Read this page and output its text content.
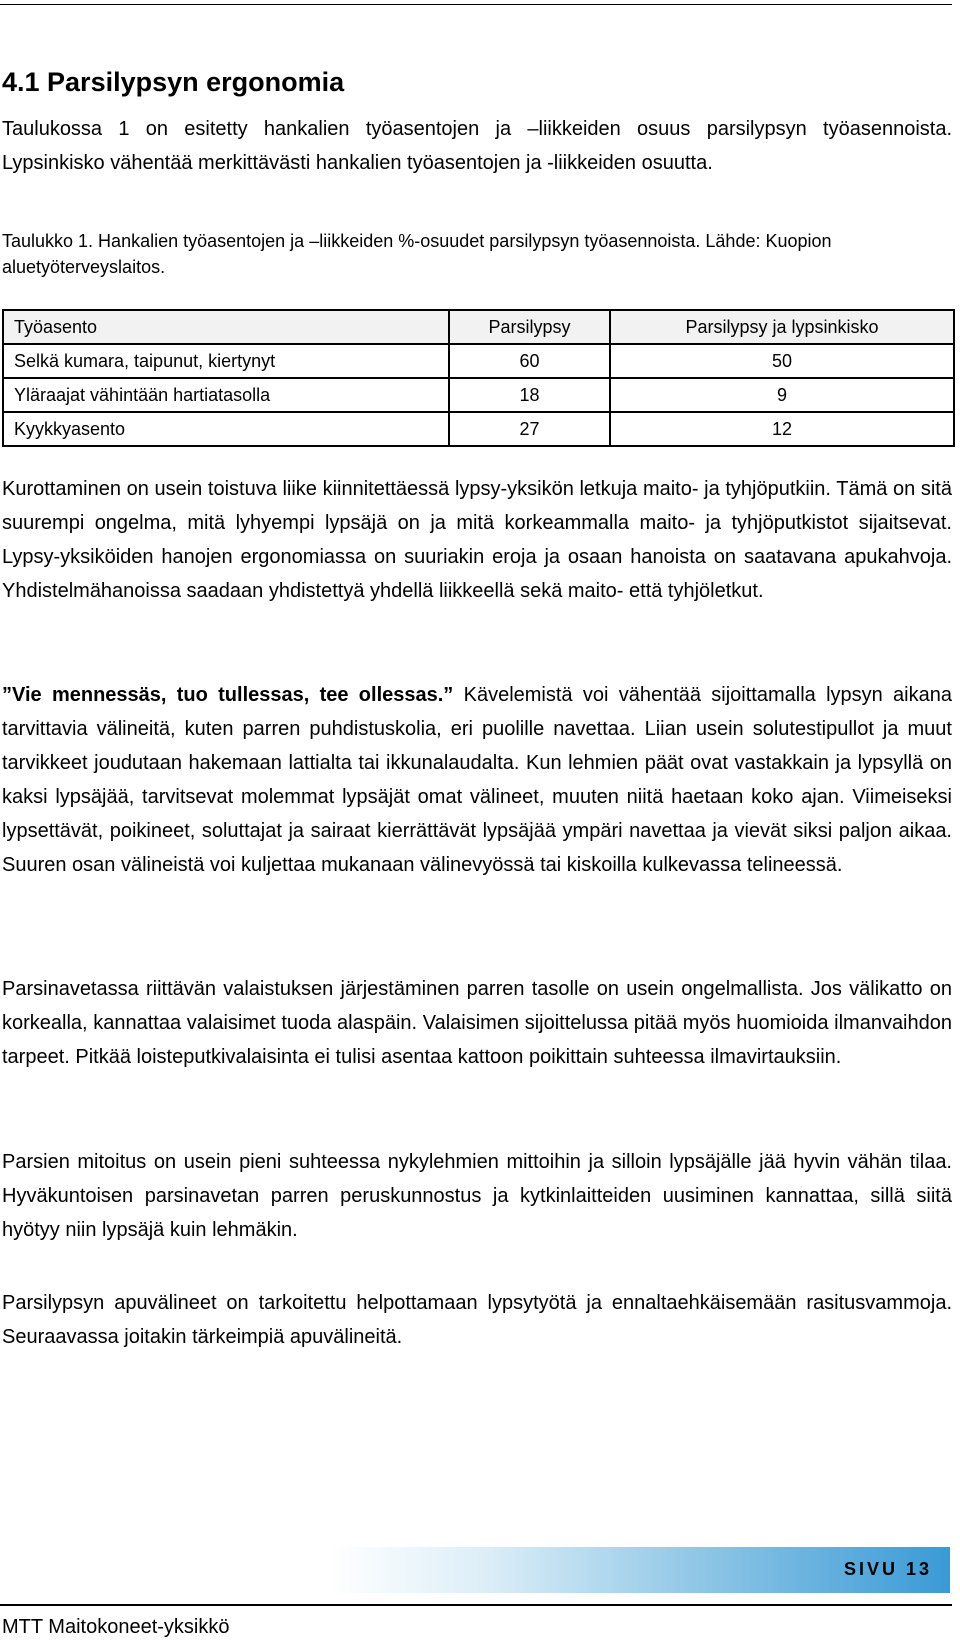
4.1 Parsilypsyn ergonomia

Taulukossa 1 on esitetty hankalien työasentojen ja –liikkeiden osuus parsilypsyn työasennoista. Lypsinkisko vähentää merkittävästi hankalien työasentojen ja -liikkeiden osuutta.

Taulukko 1. Hankalien työasentojen ja –liikkeiden %-osuudet parsilypsyn työasennoista. Lähde: Kuopion aluetyöterveyslaitos.

Työasento	Parsilypsy	Parsilypsy ja lypsinkisko
Selkä kumara, taipunut, kiertynyt	60	50
Yläraajat vähintään hartiatasolla	18	9
Kyykkyasento	27	12

Kurottaminen on usein toistuva liike kiinnitettäessä lypsy-yksikön letkuja maito- ja tyhjöputkiin. Tämä on sitä suurempi ongelma, mitä lyhyempi lypsäjä on ja mitä korkeammalla maito- ja tyhjöputkistot sijaitsevat. Lypsy-yksiköiden hanojen ergonomiassa on suuriakin eroja ja osaan hanoista on saatavana apukahvoja. Yhdistelmähanoissa saadaan yhdistettyä yhdellä liikkeellä sekä maito- että tyhjöletkut.

”Vie mennessäs, tuo tullessas, tee ollessas.” Kävelemistä voi vähentää sijoittamalla lypsyn aikana tarvittavia välineitä, kuten parren puhdistuskolia, eri puolille navettaa. Liian usein solutestipullot ja muut tarvikkeet joudutaan hakemaan lattialta tai ikkunalaudalta. Kun lehmien päät ovat vastakkain ja lypsyllä on kaksi lypsäjää, tarvitsevat molemmat lypsäjät omat välineet, muuten niitä haetaan koko ajan. Viimeiseksi lypsettävät, poikineet, soluttajat ja sairaat kierrättävät lypsäjää ympäri navettaa ja vievät siksi paljon aikaa. Suuren osan välineistä voi kuljettaa mukanaan välinevyössä tai kiskoilla kulkevassa telineessä.

Parsinavetassa riittävän valaistuksen järjestäminen parren tasolle on usein ongelmallista. Jos välikatto on korkealla, kannattaa valaisimet tuoda alaspäin. Valaisimen sijoittelussa pitää myös huomioida ilmanvaihdon tarpeet. Pitkää loisteputkivalaisinta ei tulisi asentaa kattoon poikittain suhteessa ilmavirtauksiin.

Parsien mitoitus on usein pieni suhteessa nykylehmien mittoihin ja silloin lypsäjälle jää hyvin vähän tilaa. Hyväkuntoisen parsinavetan parren peruskunnostus ja kytkinlaitteiden uusiminen kannattaa, sillä siitä hyötyy niin lypsäjä kuin lehmäkin.

Parsilypsyn apuvälineet on tarkoitettu helpottamaan lypsytyötä ja ennaltaehkäisemään rasitusvammoja. Seuraavassa joitakin tärkeimpiä apuvälineitä.

SIVU 13

MTT Maitokoneet-yksikkö
